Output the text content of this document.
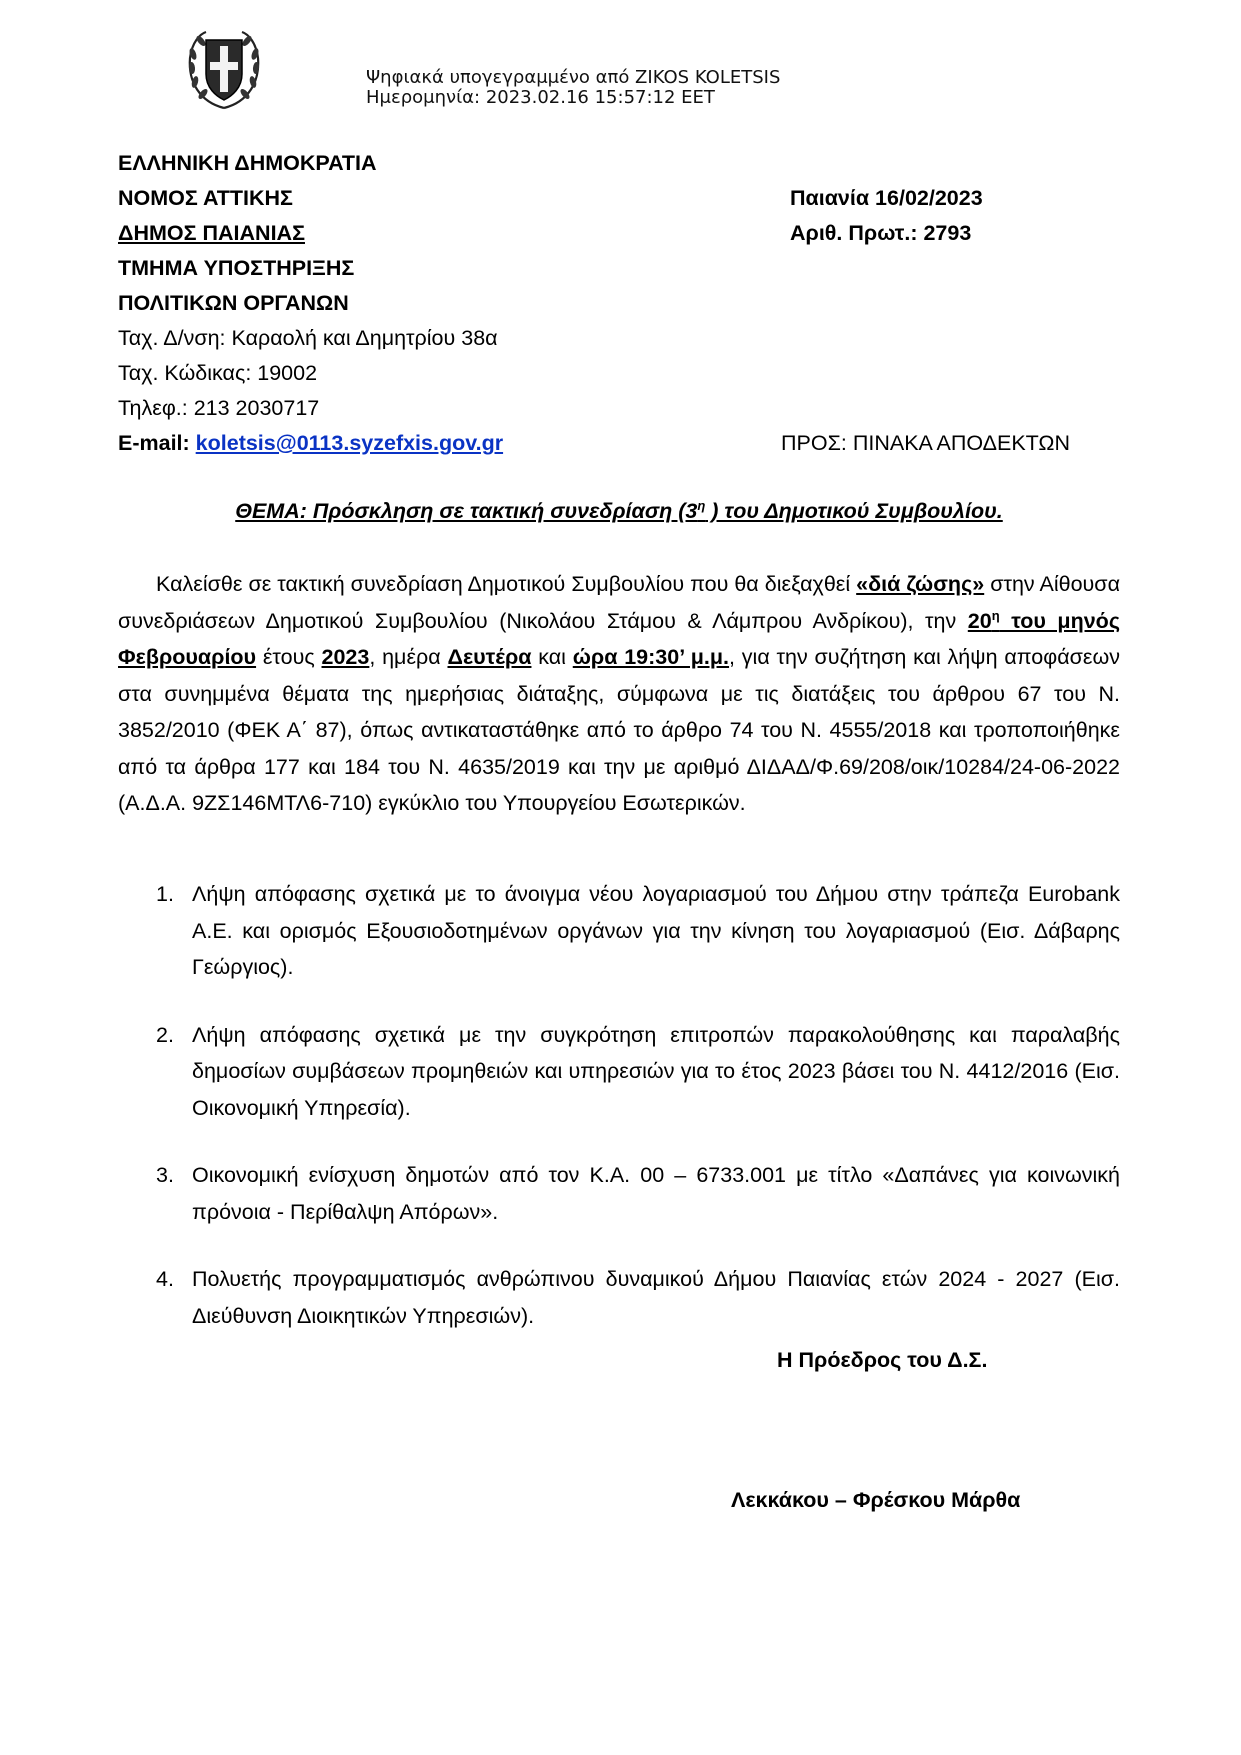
Ψηφιακά υπογεγραμμένο από ZIKOS KOLETSIS
Ημερομηνία: 2023.02.16 15:57:12 EET
ΕΛΛΗΝΙΚΗ ΔΗΜΟΚΡΑΤΙΑ
ΝΟΜΟΣ ΑΤΤΙΚΗΣ
ΔΗΜΟΣ ΠΑΙΑΝΙΑΣ
ΤΜΗΜΑ ΥΠΟΣΤΗΡΙΞΗΣ
ΠΟΛΙΤΙΚΩΝ ΟΡΓΑΝΩΝ
Ταχ. Δ/νση: Καραολή και Δημητρίου 38α
Ταχ. Κώδικας: 19002
Τηλεφ.: 213 2030717
E-mail: koletsis@0113.syzefxis.gov.gr
Παιανία 16/02/2023
Αριθ. Πρωτ.: 2793
ΠΡΟΣ: ΠΙΝΑΚΑ ΑΠΟΔΕΚΤΩΝ
ΘΕΜΑ: Πρόσκληση σε τακτική συνεδρίαση ($3^\eta$ ) του Δημοτικού Συμβουλίου.
Καλείσθε σε τακτική συνεδρίαση Δημοτικού Συμβουλίου που θα διεξαχθεί «διά ζώσης» στην Αίθουσα συνεδριάσεων Δημοτικού Συμβουλίου (Νικολάου Στάμου & Λάμπρου Ανδρίκου), την $20^\eta$ του μηνός Φεβρουαρίου έτους 2023, ημέρα Δευτέρα και ώρα 19:30’ μ.μ., για την συζήτηση και λήψη αποφάσεων στα συνημμένα θέματα της ημερήσιας διάταξης, σύμφωνα με τις διατάξεις του άρθρου 67 του Ν. 3852/2010 (ΦΕΚ Α΄ 87), όπως αντικαταστάθηκε από το άρθρο 74 του Ν. 4555/2018 και τροποποιήθηκε από τα άρθρα 177 και 184 του Ν. 4635/2019 και την με αριθμό ΔΙΔΑΔ/Φ.69/208/οικ/10284/24-06-2022 (Α.Δ.Α. 9ΖΣ146ΜΤΛ6-710) εγκύκλιο του Υπουργείου Εσωτερικών.
1. Λήψη απόφασης σχετικά με το άνοιγμα νέου λογαριασμού του Δήμου στην τράπεζα Eurobank A.E. και ορισμός Εξουσιοδοτημένων οργάνων για την κίνηση του λογαριασμού (Εισ. Δάβαρης Γεώργιος).
2. Λήψη απόφασης σχετικά με την συγκρότηση επιτροπών παρακολούθησης και παραλαβής δημοσίων συμβάσεων προμηθειών και υπηρεσιών για το έτος 2023 βάσει του Ν. 4412/2016 (Εισ. Οικονομική Υπηρεσία).
3. Οικονομική ενίσχυση δημοτών από τον Κ.Α. 00 – 6733.001 με τίτλο «Δαπάνες για κοινωνική πρόνοια - Περίθαλψη Απόρων».
4. Πολυετής προγραμματισμός ανθρώπινου δυναμικού Δήμου Παιανίας ετών 2024 - 2027 (Εισ. Διεύθυνση Διοικητικών Υπηρεσιών).
Η Πρόεδρος του Δ.Σ.
Λεκκάκου – Φρέσκου Μάρθα
